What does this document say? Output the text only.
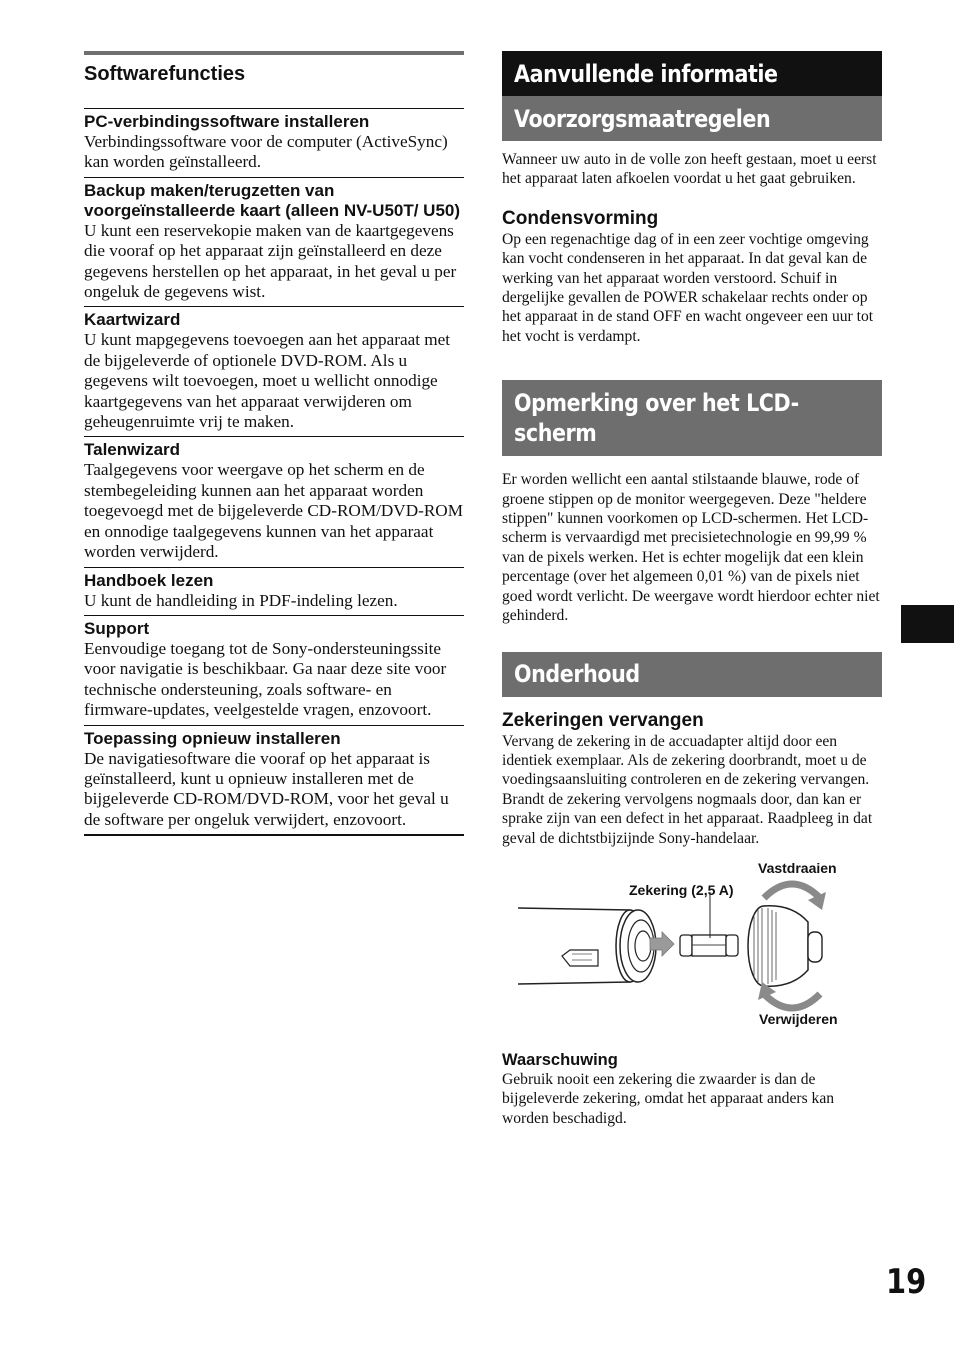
Softwarefuncties
PC-verbindingssoftware installeren
Verbindingssoftware voor de computer (ActiveSync) kan worden geïnstalleerd.
Backup maken/terugzetten van voorgeïnstalleerde kaart (alleen NV-U50T/ U50)
U kunt een reservekopie maken van de kaartgegevens die vooraf op het apparaat zijn geïnstalleerd en deze gegevens herstellen op het apparaat, in het geval u per ongeluk de gegevens wist.
Kaartwizard
U kunt mapgegevens toevoegen aan het apparaat met de bijgeleverde of optionele DVD-ROM. Als u gegevens wilt toevoegen, moet u wellicht onnodige kaartgegevens van het apparaat verwijderen om geheugenruimte vrij te maken.
Talenwizard
Taalgegevens voor weergave op het scherm en de stembegeleiding kunnen aan het apparaat worden toegevoegd met de bijgeleverde CD-ROM/DVD-ROM en onnodige taalgegevens kunnen van het apparaat worden verwijderd.
Handboek lezen
U kunt de handleiding in PDF-indeling lezen.
Support
Eenvoudige toegang tot de Sony-ondersteuningssite voor navigatie is beschikbaar. Ga naar deze site voor technische ondersteuning, zoals software- en firmware-updates, veelgestelde vragen, enzovoort.
Toepassing opnieuw installeren
De navigatiesoftware die vooraf op het apparaat is geïnstalleerd, kunt u opnieuw installeren met de bijgeleverde CD-ROM/DVD-ROM, voor het geval u de software per ongeluk verwijdert, enzovoort.
Aanvullende informatie
Voorzorgsmaatregelen
Wanneer uw auto in de volle zon heeft gestaan, moet u eerst het apparaat laten afkoelen voordat u het gaat gebruiken.
Condensvorming
Op een regenachtige dag of in een zeer vochtige omgeving kan vocht condenseren in het apparaat. In dat geval kan de werking van het apparaat worden verstoord. Schuif in dergelijke gevallen de POWER schakelaar rechts onder op het apparaat in de stand OFF en wacht ongeveer een uur tot het vocht is verdampt.
Opmerking over het LCD-
scherm
Er worden wellicht een aantal stilstaande blauwe, rode of groene stippen op de monitor weergegeven. Deze "heldere stippen" kunnen voorkomen op LCD-schermen. Het LCD-scherm is vervaardigd met precisietechnologie en 99,99 % van de pixels werken. Het is echter mogelijk dat een klein percentage (over het algemeen 0,01 %) van de pixels niet goed wordt verlicht. De weergave wordt hierdoor echter niet gehinderd.
Onderhoud
Zekeringen vervangen
Vervang de zekering in de accuadapter altijd door een identiek exemplaar. Als de zekering doorbrandt, moet u de voedingsaansluiting controleren en de zekering vervangen. Brandt de zekering vervolgens nogmaals door, dan kan er sprake zijn van een defect in het apparaat. Raadpleeg in dat geval de dichtstbijzijnde Sony-handelaar.
Vastdraaien
Zekering (2,5 A)
Verwijderen
Waarschuwing
Gebruik nooit een zekering die zwaarder is dan de bijgeleverde zekering, omdat het apparaat anders kan worden beschadigd.
19
